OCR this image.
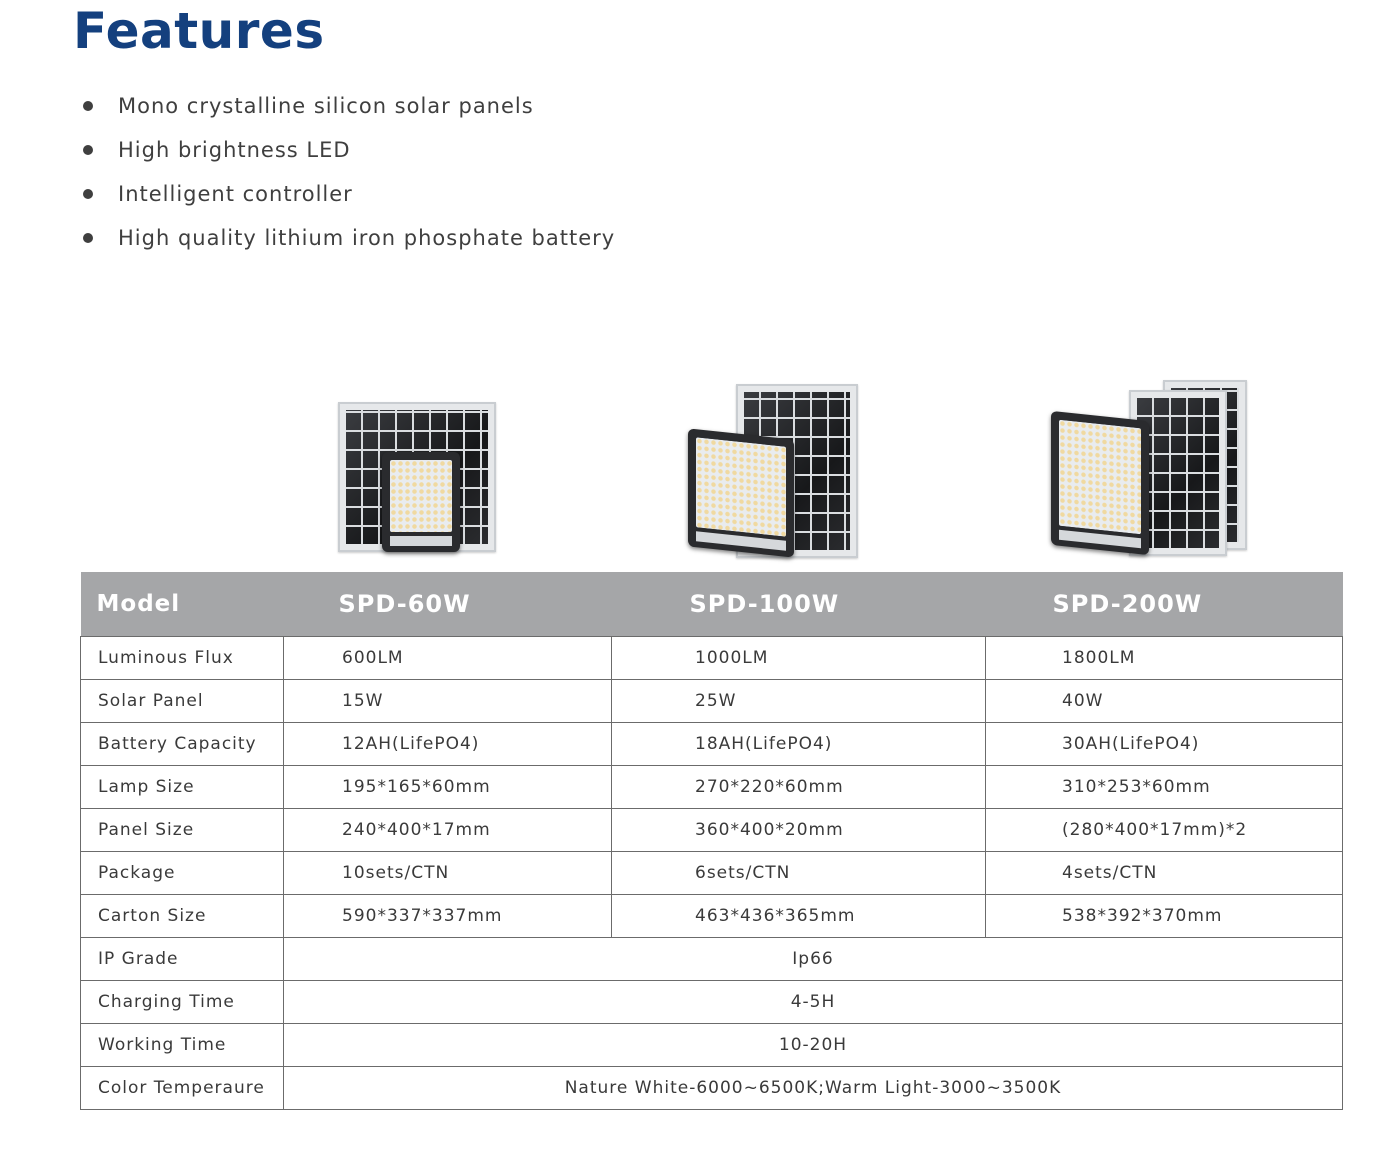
Features
Mono crystalline silicon solar panels
High brightness LED
Intelligent controller
High quality lithium iron phosphate battery
Model	SPD-60W	SPD-100W	SPD-200W
Luminous Flux	600LM	1000LM	1800LM
Solar Panel	15W	25W	40W
Battery Capacity	12AH(LifePO4)	18AH(LifePO4)	30AH(LifePO4)
Lamp Size	195*165*60mm	270*220*60mm	310*253*60mm
Panel Size	240*400*17mm	360*400*20mm	(280*400*17mm)*2
Package	10sets/CTN	6sets/CTN	4sets/CTN
Carton Size	590*337*337mm	463*436*365mm	538*392*370mm
IP Grade	Ip66		
Charging Time	4-5H		
Working Time	10-20H		
Color Temperaure	Nature White-6000~6500K;Warm Light-3000~3500K		
